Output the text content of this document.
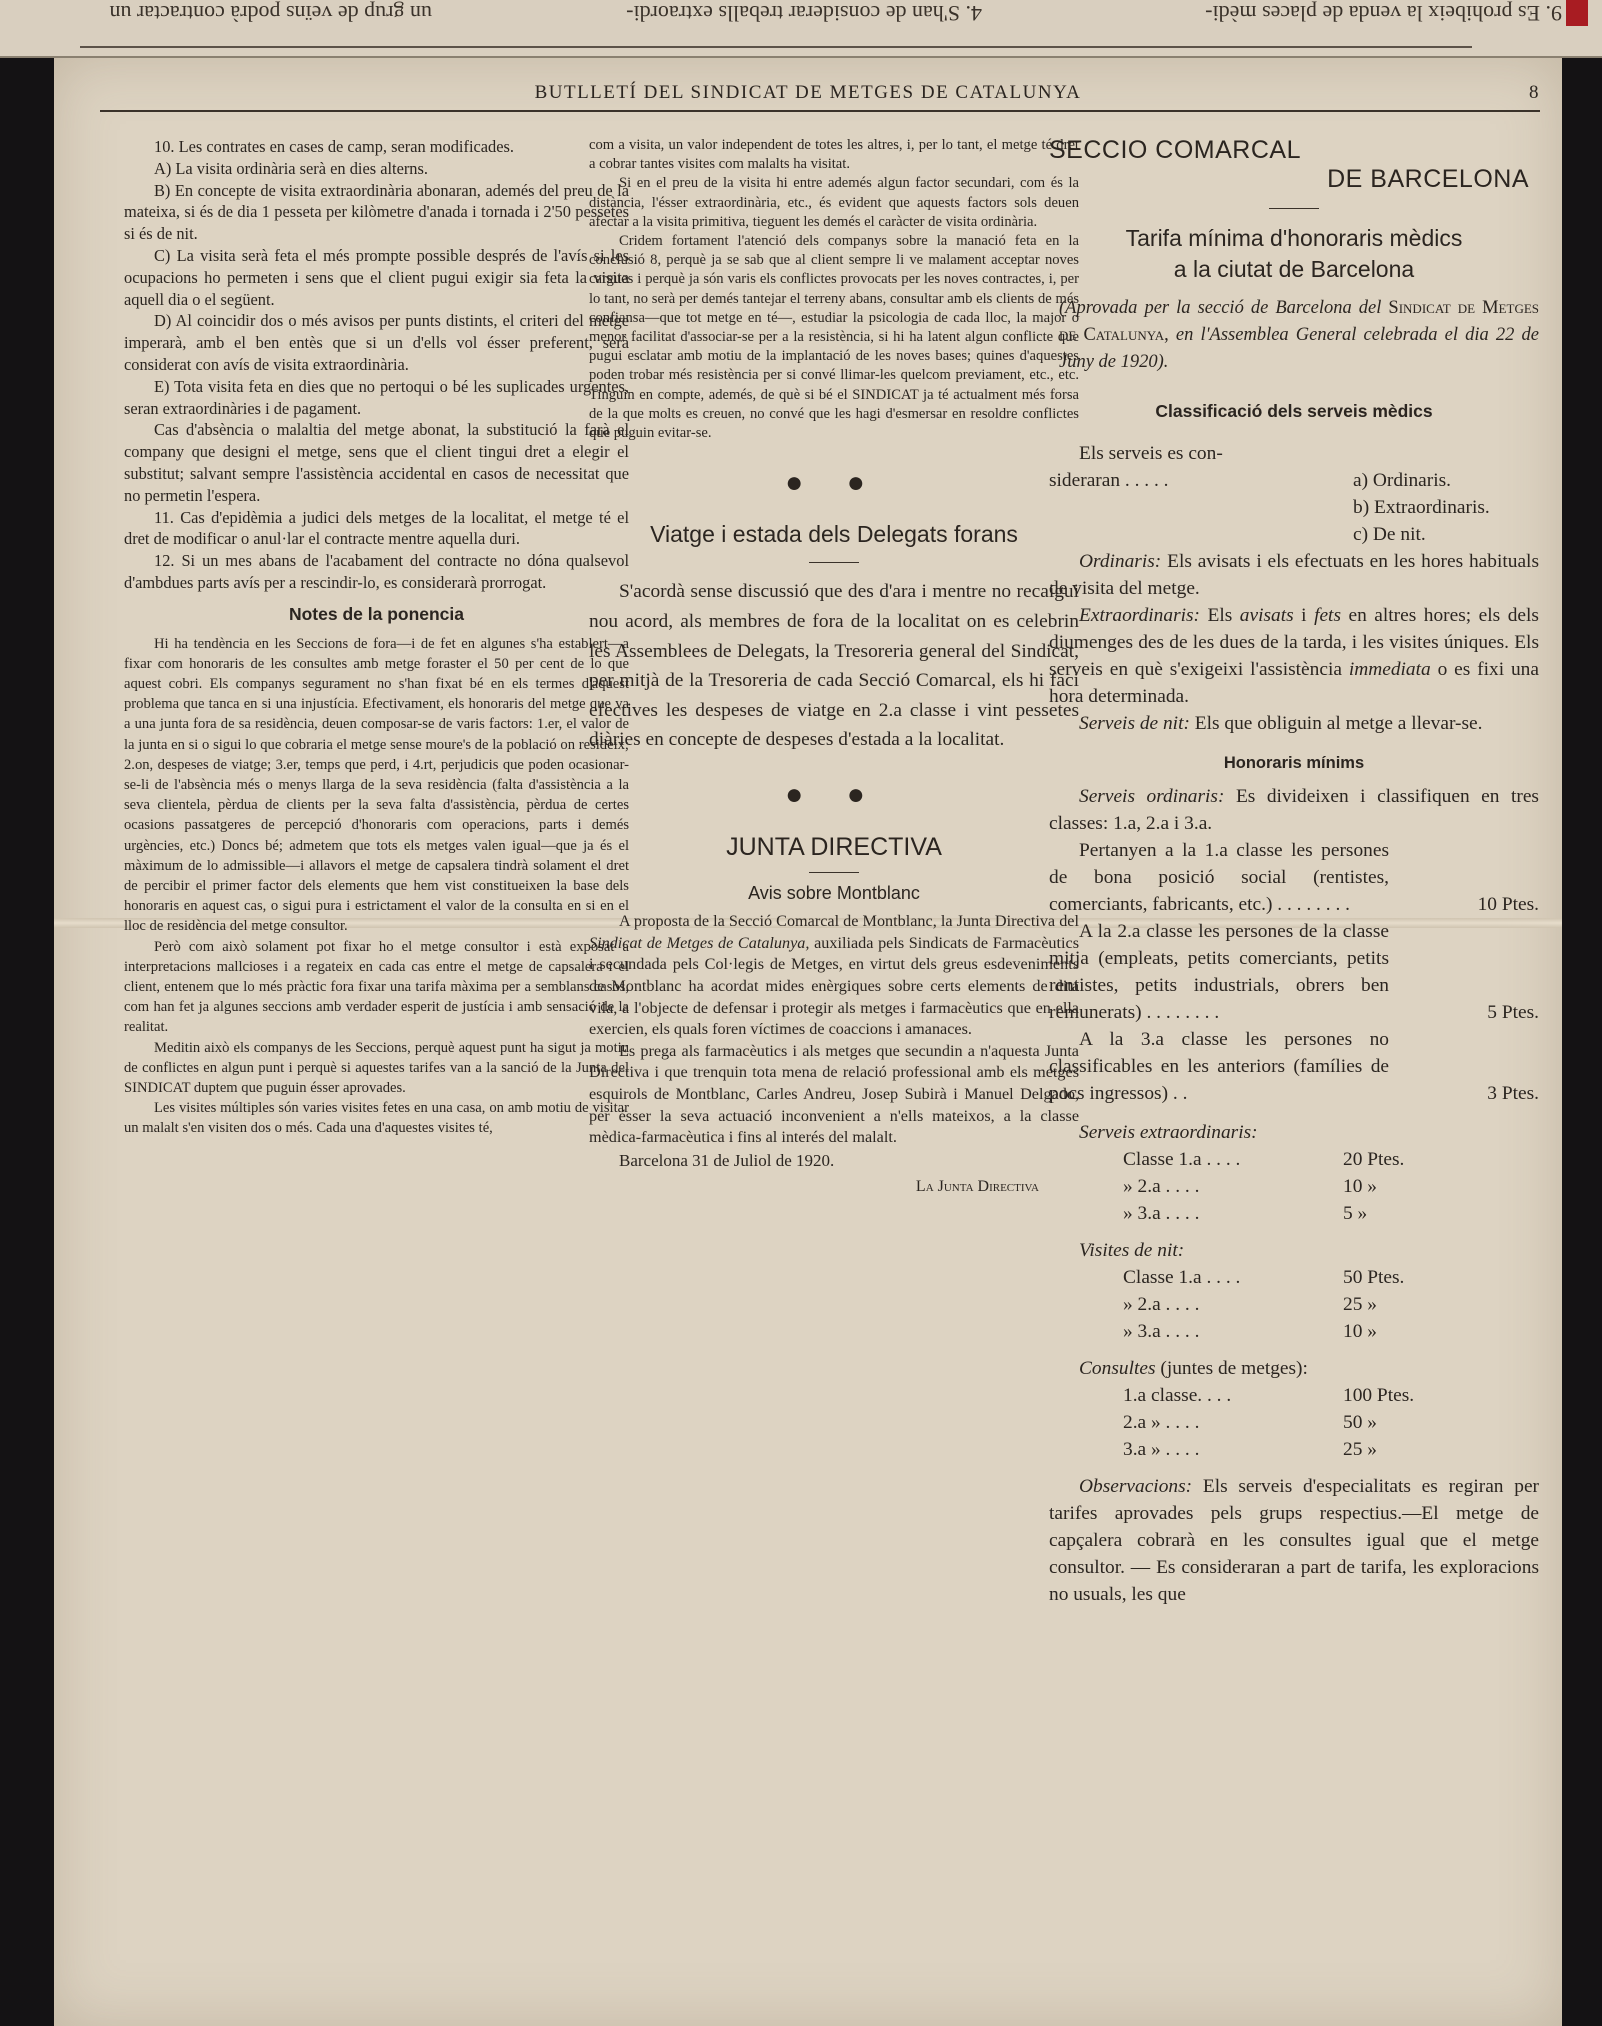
9. Es prohibeix la venda de places mèdi-
4. S'han de considerar treballs extraordi-
un grup de veïns podrà contractar un
BUTLLETÍ DEL SINDICAT DE METGES DE CATALUNYA	8

10. Les contrates en cases de camp, seran modificades.

A) La visita ordinària serà en dies alterns.

B) En concepte de visita extraordinària abonaran, ademés del preu de la mateixa, si és de dia 1 pesseta per kilòmetre d'anada i tornada i 2'50 pessetes si és de nit.

C) La visita serà feta el més prompte possible després de l'avís si les ocupacions ho permeten i sens que el client pugui exigir sia feta la visita aquell dia o el següent.

D) Al coincidir dos o més avisos per punts distints, el criteri del metge imperarà, amb el ben entès que si un d'ells vol ésser preferent, serà considerat con avís de visita extraordinària.

E) Tota visita feta en dies que no pertoqui o bé les suplicades urgentes, seran extraordinàries i de pagament.

Cas d'absència o malaltia del metge abonat, la substitució la farà el company que designi el metge, sens que el client tingui dret a elegir el substitut; salvant sempre l'assistència accidental en casos de necessitat que no permetin l'espera.

11. Cas d'epidèmia a judici dels metges de la localitat, el metge té el dret de modificar o anul·lar el contracte mentre aquella duri.

12. Si un mes abans de l'acabament del contracte no dóna qualsevol d'ambdues parts avís per a rescindir-lo, es considerarà prorrogat.

Notes de la ponencia

Hi ha tendència en les Seccions de fora—i de fet en algunes s'ha establert—a fixar com honoraris de les consultes amb metge foraster el 50 per cent de lo que aquest cobri. Els companys segurament no s'han fixat bé en els termes d'aquest problema que tanca en si una injustícia. Efectivament, els honoraris del metge que va a una junta fora de sa residència, deuen composar-se de varis factors: 1.er, el valor de la junta en si o sigui lo que cobraria el metge sense moure's de la població on resideix; 2.on, despeses de viatge; 3.er, temps que perd, i 4.rt, perjudicis que poden ocasionar-se-li de l'absència més o menys llarga de la seva residència (falta d'assistència a la seva clientela, pèrdua de clients per la seva falta d'assistència, pèrdua de certes ocasions passatgeres de percepció d'honoraris com operacions, parts i demés urgències, etc.) Doncs bé; admetem que tots els metges valen igual—que ja és el màximum de lo admissible—i allavors el metge de capsalera tindrà solament el dret de percibir el primer factor dels elements que hem vist constitueixen la base dels honoraris en aquest cas, o sigui pura i estrictament el valor de la consulta en si en el lloc de residència del metge consultor.

Però com això solament pot fixar ho el metge consultor i està exposat a interpretacions mallcioses i a regateix en cada cas entre el metge de capsalera i el client, entenem que lo més pràctic fora fixar una tarifa màxima per a semblans casos, com han fet ja algunes seccions amb verdader esperit de justícia i amb sensació de la realitat.

Meditin això els companys de les Seccions, perquè aquest punt ha sigut ja motiu de conflictes en algun punt i perquè si aquestes tarifes van a la sanció de la Junta del SINDICAT duptem que puguin ésser aprovades.

Les visites múltiples són varies visites fetes en una casa, on amb motiu de visitar un malalt s'en visiten dos o més. Cada una d'aquestes visites té,

com a visita, un valor independent de totes les altres, i, per lo tant, el metge té dret a cobrar tantes visites com malalts ha visitat.

Si en el preu de la visita hi entre ademés algun factor secundari, com és la distància, l'ésser extraordinària, etc., és evident que aquests factors sols deuen afectar a la visita primitiva, tieguent les demés el caràcter de visita ordinària.

Cridem fortament l'atenció dels companys sobre la manació feta en la conclusió 8, perquè ja se sab que al client sempre li ve malament acceptar noves cargues i perquè ja són varis els conflictes provocats per les noves contractes, i, per lo tant, no serà per demés tantejar el terreny abans, consultar amb els clients de més confiansa—que tot metge en té—, estudiar la psicologia de cada lloc, la major o menor facilitat d'associar-se per a la resistència, si hi ha latent algun conflicte que pugui esclatar amb motiu de la implantació de les noves bases; quines d'aquestes poden trobar més resistència per si convé llimar-les quelcom previament, etc., etc. Tinguin en compte, ademés, de què si bé el SINDICAT ja té actualment més forsa de la que molts es creuen, no convé que les hagi d'esmersar en resoldre conflictes que puguin evitar-se.

● ●

Viatge i estada dels Delegats forans

S'acordà sense discussió que des d'ara i mentre no recaigui nou acord, als membres de fora de la localitat on es celebrin les Assemblees de Delegats, la Tresoreria general del Sindicat, per mitjà de la Tresoreria de cada Secció Comarcal, els hi faci efectives les despeses de viatge en 2.a classe i vint pessetes diàries en concepte de despeses d'estada a la localitat.

● ●

JUNTA DIRECTIVA

Avis sobre Montblanc

A proposta de la Secció Comarcal de Montblanc, la Junta Directiva del Sindicat de Metges de Catalunya, auxiliada pels Sindicats de Farmacèutics i secundada pels Col·legis de Metges, en virtut dels greus esdeveniments de Montblanc ha acordat mides enèrgiques sobre certs elements de dita vila, a l'objecte de defensar i protegir als metges i farmacèutics que en ella exercien, els quals foren víctimes de coaccions i amanaces.

Es prega als farmacèutics i als metges que secundin a n'aquesta Junta Directiva i que trenquin tota mena de relació professional amb els metges esquirols de Montblanc, Carles Andreu, Josep Subirà i Manuel Delgado, per ésser la seva actuació inconvenient a n'ells mateixos, a la classe mèdica-farmacèutica i fins al interés del malalt.

Barcelona 31 de Juliol de 1920.

La Junta Directiva

SECCIO COMARCAL

DE BARCELONA

Tarifa mínima d'honoraris mèdics

a la ciutat de Barcelona

(Aprovada per la secció de Barcelona del Sindicat de Metges de Catalunya, en l'Assemblea General celebrada el dia 22 de Juny de 1920).

Classificació dels serveis mèdics

Els serveis es con-
sideraran . . . . .	a) Ordinaris.
b) Extraordinaris.
c) De nit.

Ordinaris: Els avisats i els efectuats en les hores habituals de visita del metge.

Extraordinaris: Els avisats i fets en altres hores; els dels diumenges des de les dues de la tarda, i les visites úniques. Els serveis en què s'exigeixi l'assistència immediata o es fixi una hora determinada.

Serveis de nit: Els que obliguin al metge a llevar-se.

Honoraris mínims

Serveis ordinaris: Es divideixen i classifiquen en tres classes: 1.a, 2.a i 3.a.

Pertanyen a la 1.a classe les persones de bona posició social (rentistes, comerciants, fabricants, etc.) . . . . . . . .	10 Ptes.

A la 2.a classe les persones de la classe mitja (empleats, petits comerciants, petits rentistes, petits industrials, obrers ben remunerats) . . . . . . . .	5 Ptes.

A la 3.a classe les persones no classificables en les anteriors (famílies de pocs ingressos) . .	3 Ptes.

Serveis extraordinaris:

Classe 1.a . . . .	20 Ptes.
» 2.a . . . .	10 »
» 3.a . . . .	5 »

Visites de nit:

Classe 1.a . . . .	50 Ptes.
» 2.a . . . .	25 »
» 3.a . . . .	10 »

Consultes (juntes de metges):

1.a classe. . . .	100 Ptes.
2.a » . . . .	50 »
3.a » . . . .	25 »

Observacions: Els serveis d'especialitats es regiran per tarifes aprovades pels grups respectius.—El metge de capçalera cobrarà en les consultes igual que el metge consultor. — Es consideraran a part de tarifa, les exploracions no usuals, les que
